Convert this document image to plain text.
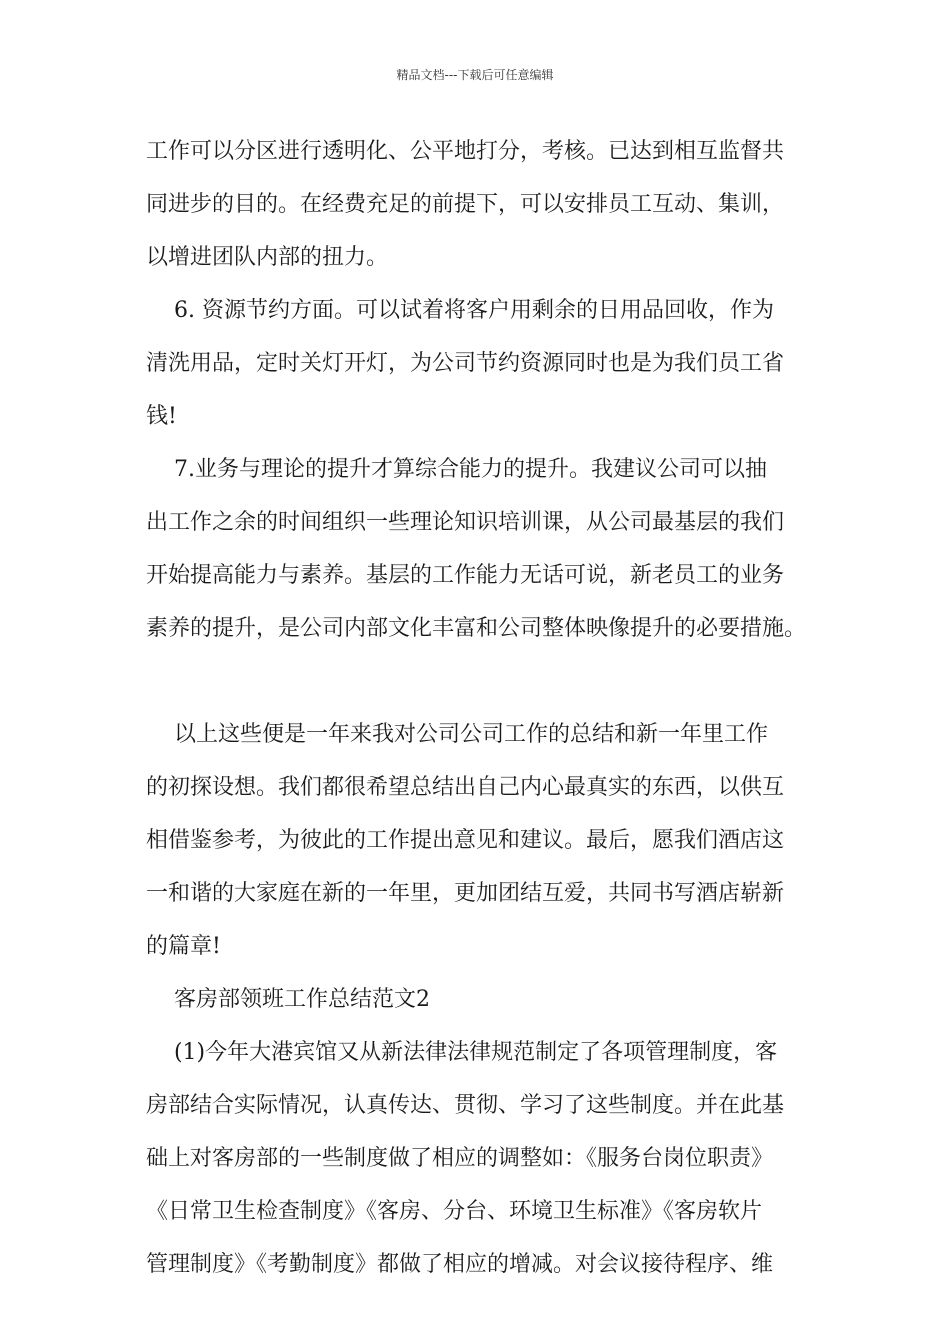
精品文档---下载后可任意编辑
工作可以分区进行透明化、公平地打分，考核。已达到相互监督共
同进步的目的。在经费充足的前提下，可以安排员工互动、集训，
以增进团队内部的扭力。
6. 资源节约方面。可以试着将客户用剩余的日用品回收，作为
清洗用品，定时关灯开灯，为公司节约资源同时也是为我们员工省
钱!
7.业务与理论的提升才算综合能力的提升。我建议公司可以抽
出工作之余的时间组织一些理论知识培训课，从公司最基层的我们
开始提高能力与素养。基层的工作能力无话可说，新老员工的业务
素养的提升，是公司内部文化丰富和公司整体映像提升的必要措施。
以上这些便是一年来我对公司公司工作的总结和新一年里工作
的初探设想。我们都很希望总结出自己内心最真实的东西，以供互
相借鉴参考，为彼此的工作提出意见和建议。最后，愿我们酒店这
一和谐的大家庭在新的一年里，更加团结互爱，共同书写酒店崭新
的篇章!
客房部领班工作总结范文2
(1)今年大港宾馆又从新法律法律规范制定了各项管理制度，客
房部结合实际情况，认真传达、贯彻、学习了这些制度。并在此基
础上对客房部的一些制度做了相应的调整如：《服务台岗位职责》
《日常卫生检查制度》《客房、分台、环境卫生标准》《客房软片
管理制度》《考勤制度》都做了相应的增减。对会议接待程序、维
